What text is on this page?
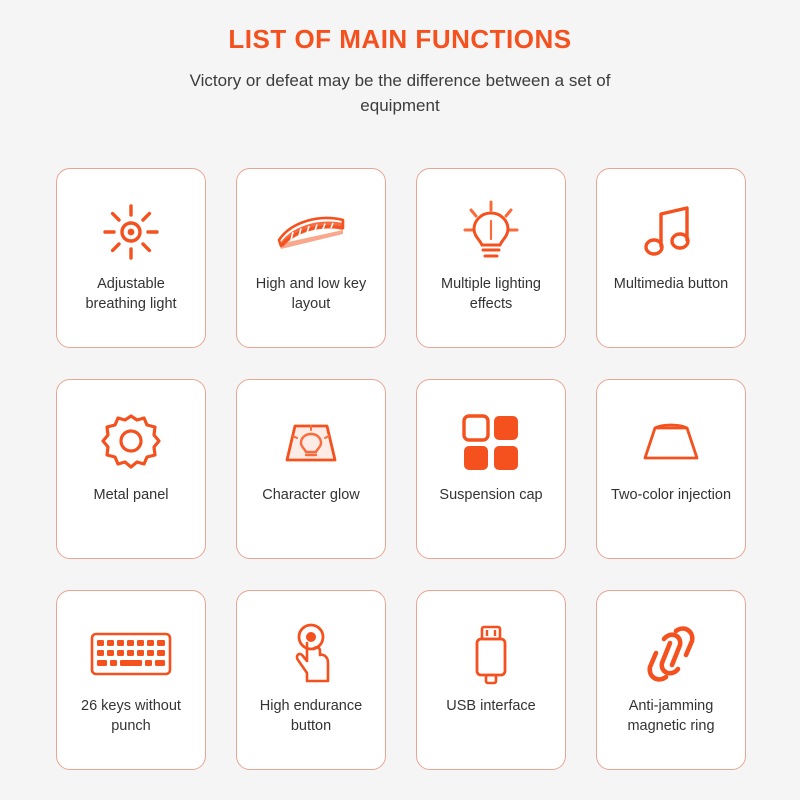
LIST OF MAIN FUNCTIONS

Victory or defeat may be the difference between a set of equipment

Adjustable breathing light
High and low key layout
Multiple lighting effects
Multimedia button
Metal panel	Character glow	Suspension cap	Two-color injection
26 keys without punch
High endurance button
USB interface	Anti-jamming magnetic ring
